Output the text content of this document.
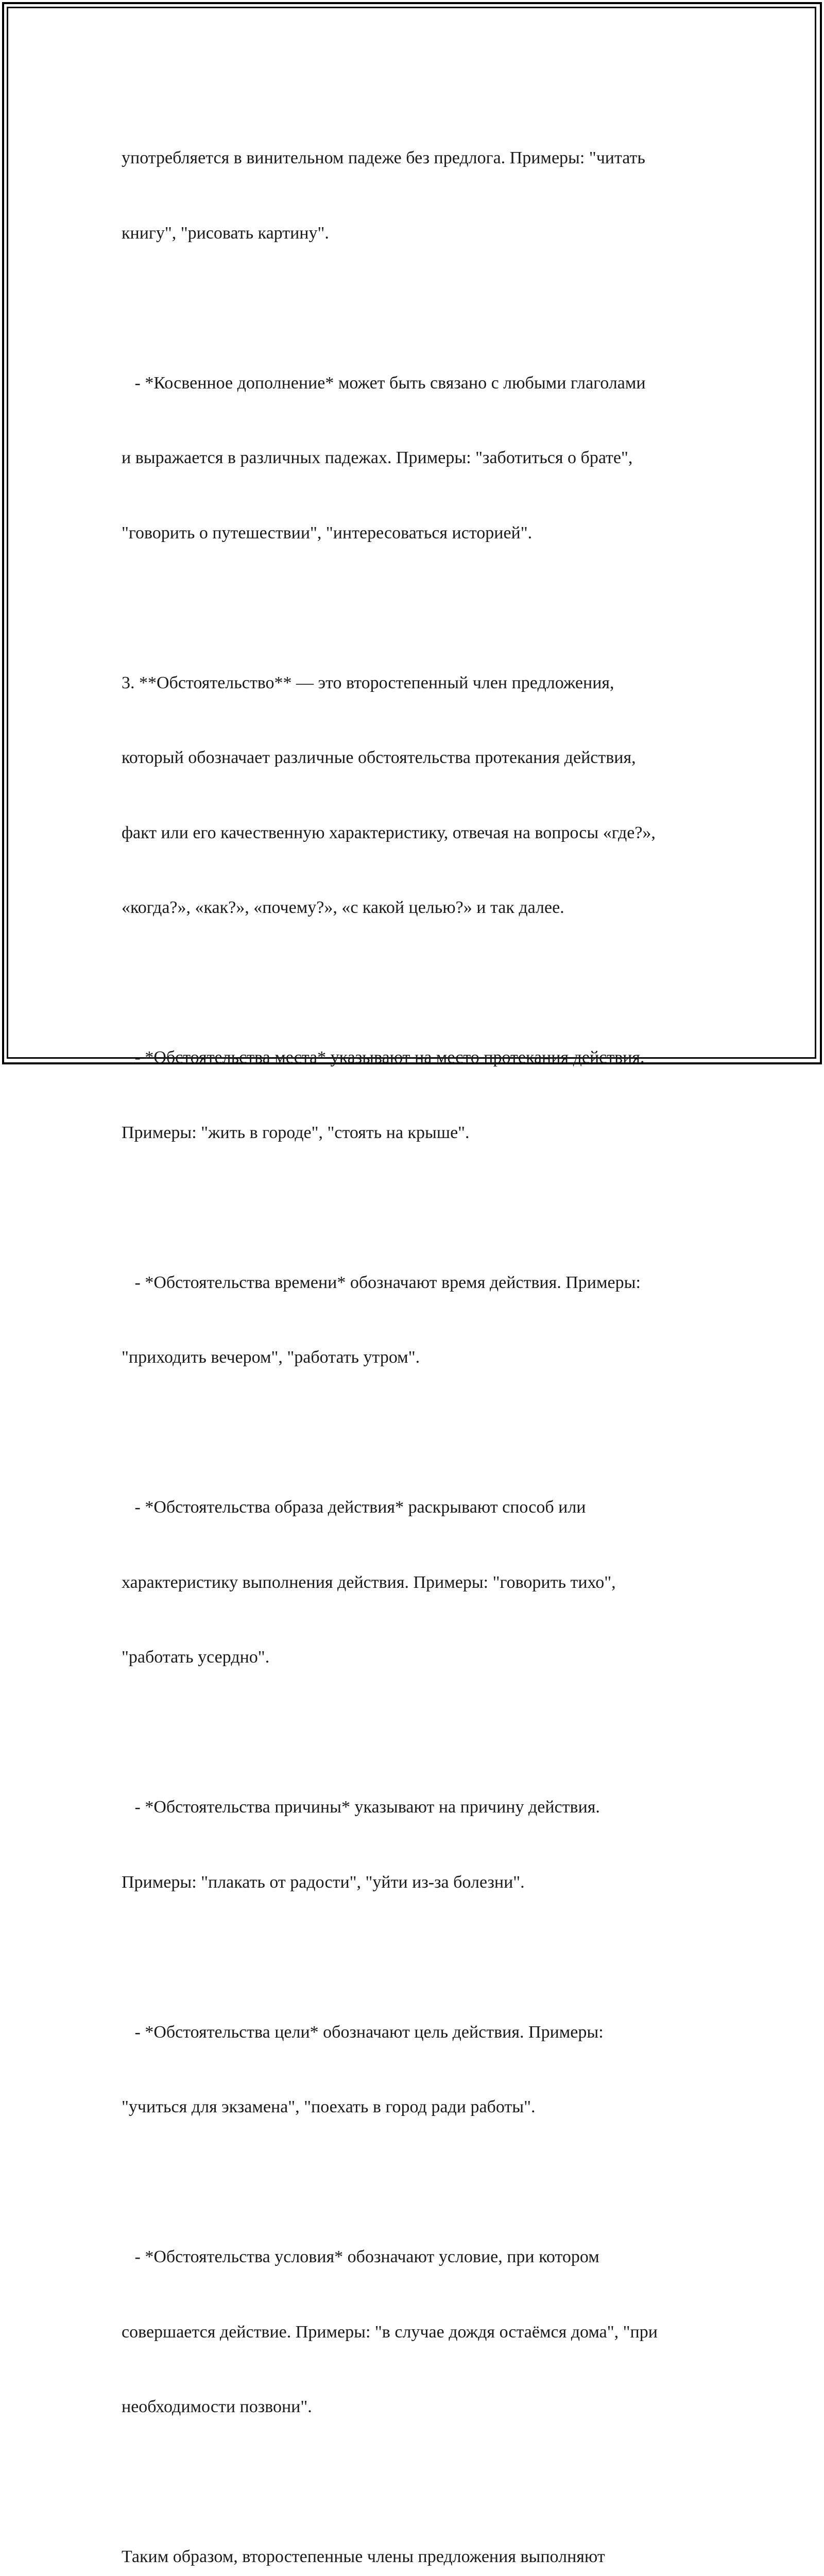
употребляется в винительном падеже без предлога. Примеры: "читать

книгу", "рисовать картину".

- *Косвенное дополнение* может быть связано с любыми глаголами

и выражается в различных падежах. Примеры: "заботиться о брате",

"говорить о путешествии", "интересоваться историей".

3. **Обстоятельство** — это второстепенный член предложения,

который обозначает различные обстоятельства протекания действия,

факт или его качественную характеристику, отвечая на вопросы «где?»,

«когда?», «как?», «почему?», «с какой целью?» и так далее.

- *Обстоятельства места* указывают на место протекания действия.

Примеры: "жить в городе", "стоять на крыше".

- *Обстоятельства времени* обозначают время действия. Примеры:

"приходить вечером", "работать утром".

- *Обстоятельства образа действия* раскрывают способ или

характеристику выполнения действия. Примеры: "говорить тихо",

"работать усердно".

- *Обстоятельства причины* указывают на причину действия.

Примеры: "плакать от радости", "уйти из-за болезни".

- *Обстоятельства цели* обозначают цель действия. Примеры:

"учиться для экзамена", "поехать в город ради работы".

- *Обстоятельства условия* обозначают условие, при котором

совершается действие. Примеры: "в случае дождя остаёмся дома", "при

необходимости позвони".

Таким образом, второстепенные члены предложения выполняют
